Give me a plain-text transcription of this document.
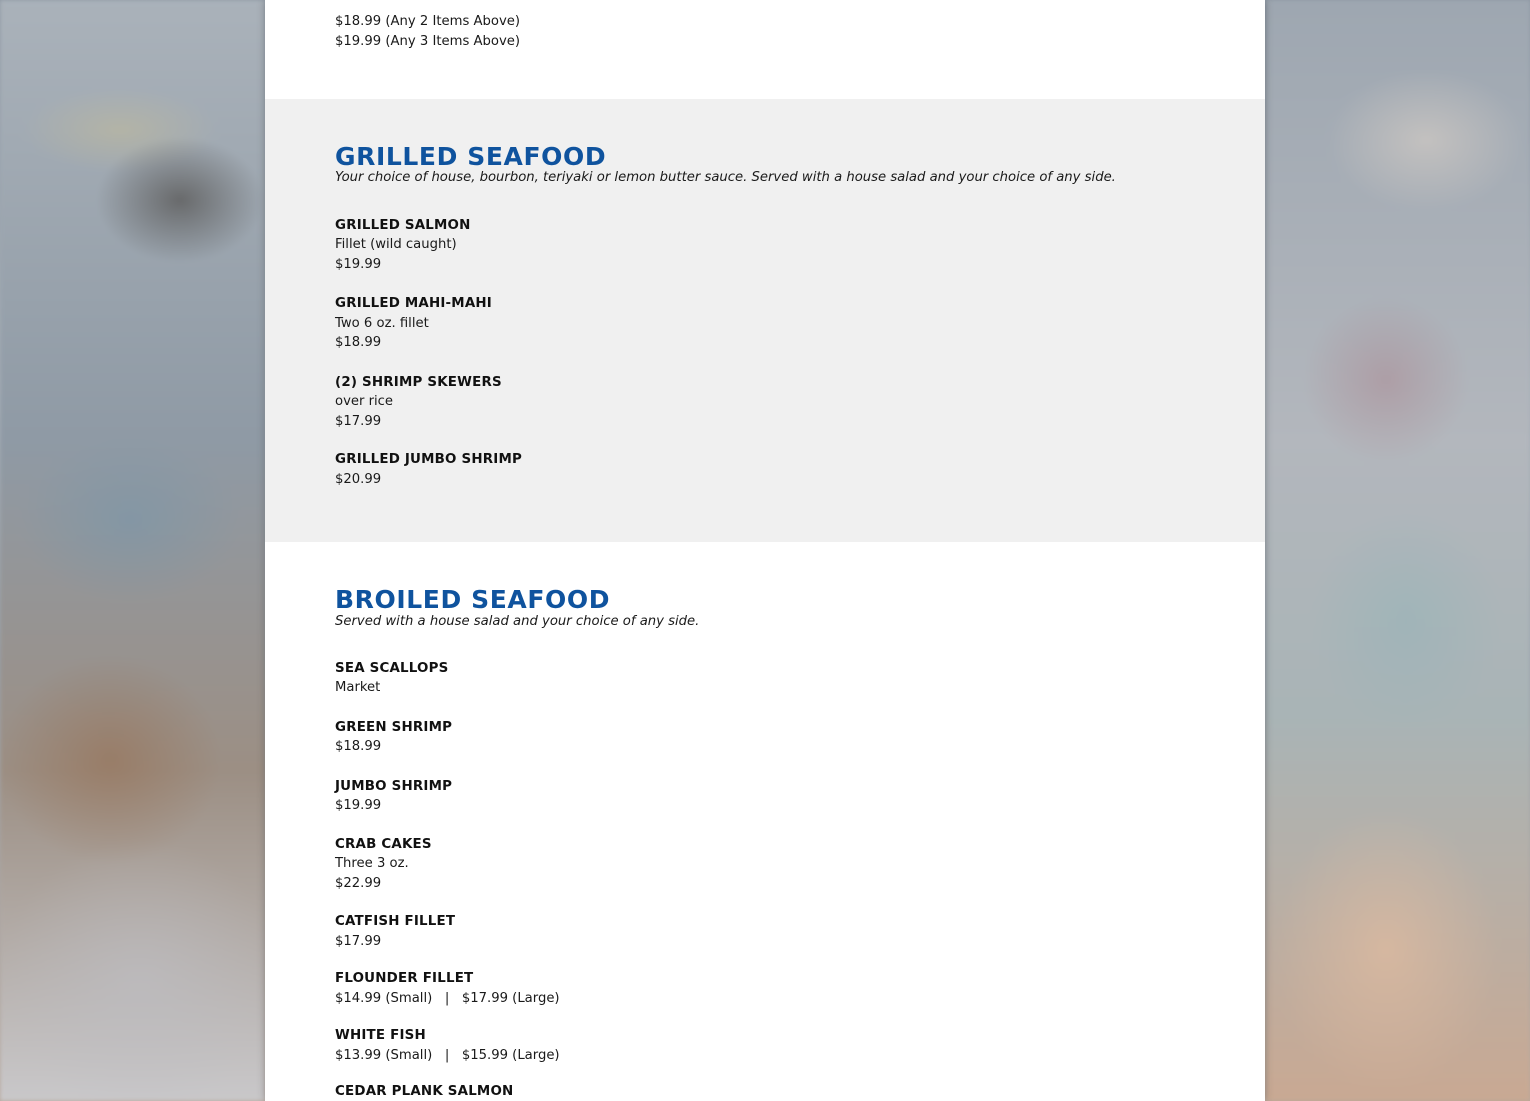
$18.99 (Any 2 Items Above)
$19.99 (Any 3 Items Above)
GRILLED SEAFOOD

Your choice of house, bourbon, teriyaki or lemon butter sauce. Served with a house salad and your choice of any side.

GRILLED SALMON
Fillet (wild caught)
$19.99
GRILLED MAHI-MAHI
Two 6 oz. fillet
$18.99
(2) SHRIMP SKEWERS
over rice
$17.99
GRILLED JUMBO SHRIMP
$20.99
BROILED SEAFOOD

Served with a house salad and your choice of any side.

SEA SCALLOPS
Market
GREEN SHRIMP
$18.99
JUMBO SHRIMP
$19.99
CRAB CAKES
Three 3 oz.
$22.99
CATFISH FILLET
$17.99
FLOUNDER FILLET
$14.99 (Small)   |   $17.99 (Large)
WHITE FISH
$13.99 (Small)   |   $15.99 (Large)
CEDAR PLANK SALMON
